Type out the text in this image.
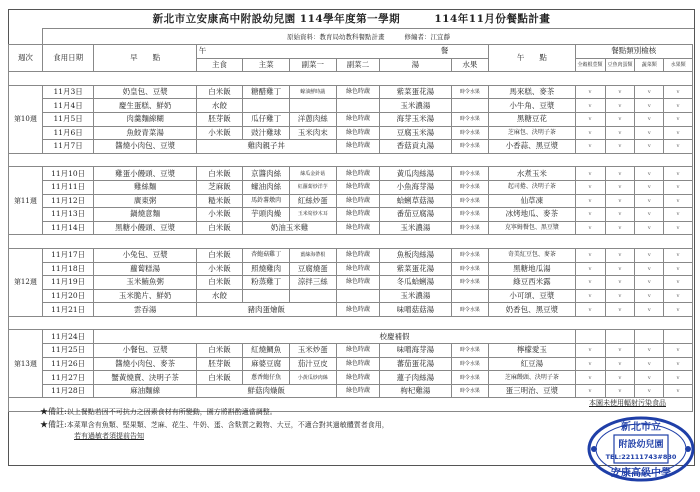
新北市立安康高中附設幼兒園 114學年度第一學期	114年11月份餐點計畫
原始資料：教育局幼教科餐點計畫	修編者：江宜靜
週次	食用日期	早　　點	午 餐						午　　點	餐點類別檢核			
			主食	主菜	副菜一	副菜二	湯	水果		全穀根莖類	豆魚肉蛋類	蔬菜類	水果類

第10週	11月3日	奶皇包、豆漿	白米飯	糖醋雞丁	蠔油鮮時蔬	綠色時蔬	紫菜蛋花湯	時令水果	馬來糕、麥茶	v	v	v	v
	11月4日	慶生蛋糕、鮮奶	水餃				玉米濃湯		小牛角、豆漿	v	v	v	v
	11月5日	肉羹麵線糊	胚芽飯	瓜仔雞丁	洋蔥肉絲	綠色時蔬	海芽玉米湯	時令水果	黑糖豆花	v	v	v	v
	11月6日	魚餃青菜湯	小米飯	豉汁雞球	玉米肉末	綠色時蔬	豆腐玉米湯	時令水果	芝麻包、決明子茶	v	v	v	v
	11月7日	醬燒小肉包、豆漿	雞肉親子丼			綠色時蔬	香菇貢丸湯	時令水果	小香蒜、黑豆漿	v	v	v	v

第11週	11月10日	雞蛋小饅頭、豆漿	白米飯	京醬肉絲	絲瓜金針菇	綠色時蔬	黃瓜肉絲湯	時令水果	水煮玉米	v	v	v	v
	11月11日	雞絲麵	芝麻飯	蠔油肉絲	紅蘿蔔炒洋芋	綠色時蔬	小魚海芽湯	時令水果	起司捲、決明子茶	v	v	v	v
	11月12日	廣東粥	糙米飯	馬鈴薯燉肉	紅絲炒蛋	綠色時蔬	蛤蜊草菇湯	時令水果	仙草凍	v	v	v	v
	11月13日	鍋燒意麵	小米飯	芋頭肉燥	玉米筍炒木耳	綠色時蔬	番茄豆腐湯	時令水果	冰烤地瓜、麥茶	v	v	v	v
	11月14日	黑糖小饅頭、豆漿	白米飯	奶油玉米雞		綠色時蔬	玉米濃湯	時令水果	克寧姆餐包、黑豆漿	v	v	v	v

第12週	11月17日	小兔包、豆漿	白米飯	杏鮑菇雞丁	薑絲海帶根	綠色時蔬	魚板肉絲湯	時令水果	奇美紅豆包、麥茶	v	v	v	v
	11月18日	蘿蔔糕湯	小米飯	照燒雞肉	豆腐燒蛋	綠色時蔬	紫菜蛋花湯	時令水果	黑糖地瓜湯	v	v	v	v
	11月19日	玉米鮪魚粥	白米飯	粉蒸雞丁	涼拌三絲	綠色時蔬	冬瓜蛤蜊湯	時令水果	綠豆西米露	v	v	v	v
	11月20日	玉米脆片、鮮奶	水餃				玉米濃湯		小可頌、豆漿	v	v	v	v
	11月21日	雲吞湯	豬肉蛋燴飯			綠色時蔬	味噌菇菇湯	時令水果	奶香包、黑豆漿	v	v	v	v

第13週	11月24日	校慶補假											
	11月25日	小餐包、豆漿	白米飯	紅燒鯛魚	玉米炒蛋	綠色時蔬	味噌海芽湯	時令水果	檸檬愛玉	v	v	v	v
	11月26日	醬燒小肉包、麥茶	胚芽飯	麻婆豆腐	茄汁豆皮	綠色時蔬	蕃茄蛋花湯	時令水果	紅豆湯	v	v	v	v
	11月27日	蟹黃燒賣、決明子茶	白米飯	蔥香鮑仔魚	小黃瓜炒肉絲	綠色時蔬	蓮子肉絲湯	時令水果	芝麻饅頭、決明子茶	v	v	v	v
	11月28日	麻油麵線	鮮菇肉燥飯			綠色時蔬	枸杞雞湯	時令水果	蛋三明治、豆漿	v	v	v	v

本園未使用輻射污染食品
★備註:以上餐點若因不可抗力之因素食材有所變動，園方將斟酌適當調整。
★備註:本菜單含有魚類、堅果類、芝麻、花生、牛奶、蛋、含麩質之穀物、大豆，不適合對其過敏體質者食用，
若有過敏者須提前告知
新北市立
附設幼兒園
TEL:22111743#830
安康高級中學
